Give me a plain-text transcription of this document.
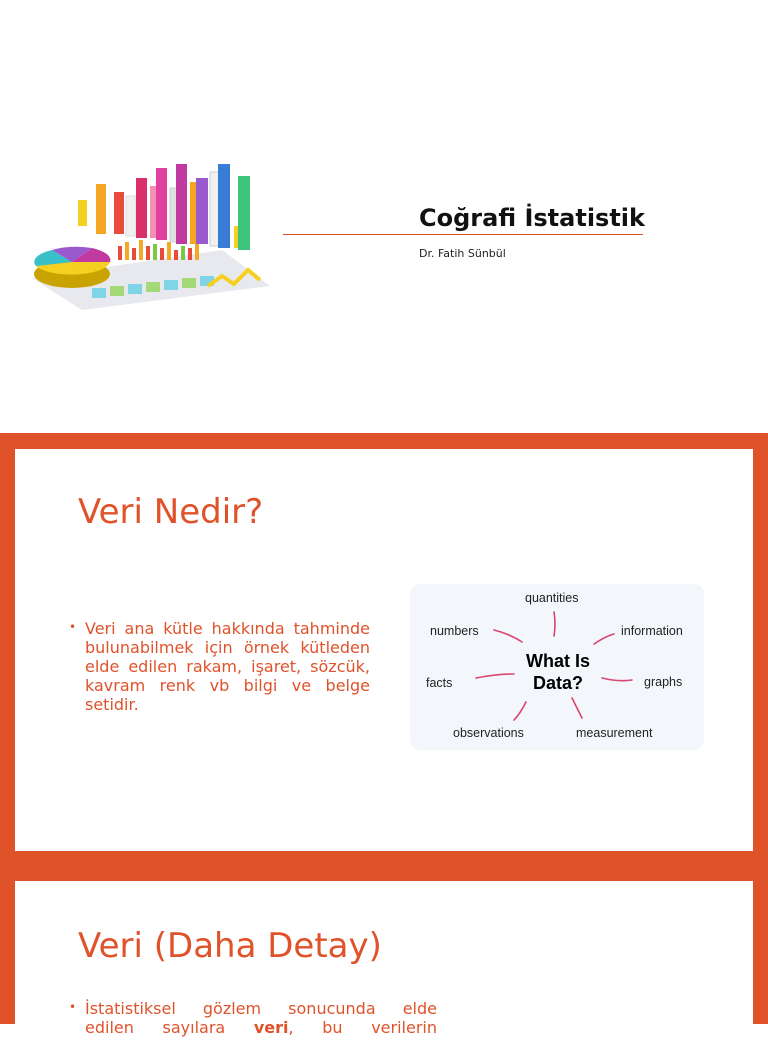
Coğrafi İstatistik
Dr. Fatih Sünbül
Veri Nedir?
• Veri ana kütle hakkında tahminde bulunabilmek için örnek kütleden elde edilen rakam, işaret, sözcük, kavram renk vb bilgi ve belge setidir.
quantities
numbers	information
facts	graphs
observations	measurement
What Is
Data?
Veri (Daha Detay)
• İstatistiksel gözlem sonucunda elde
edilen sayılara veri, bu verilerin
